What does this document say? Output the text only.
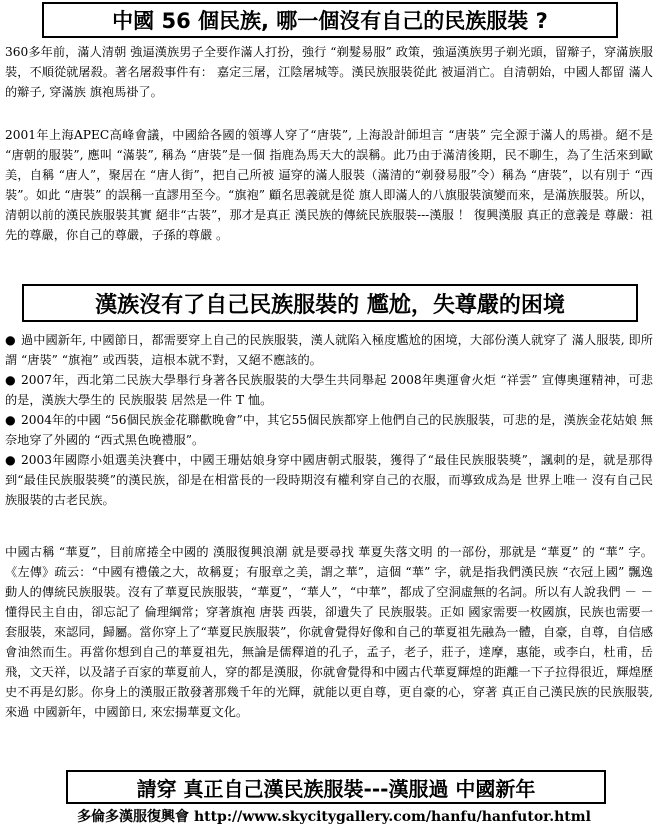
中國 56 個民族, 哪一個沒有自己的民族服裝 ?

360多年前，滿人清朝 強逼漢族男子全要作滿人打扮，強行 “剃髮易服” 政策，強逼漢族男子剃光頭，留辮子，穿滿族服裝，不順從就屠殺。著名屠殺事件有： 嘉定三屠，江陰屠城等。漢民族服裝從此 被逼消亡。自清朝始，中國人都留 滿人的辮子, 穿滿族 旗袍馬褂了。

2001年上海APEC高峰會議，中國給各國的領導人穿了“唐裝”, 上海設計師坦言 “唐裝” 完全源于滿人的馬褂。絕不是 “唐朝的服裝”, 應叫 “滿裝”, 稱為 “唐裝”是一個 指鹿為馬天大的誤稱。此乃由于滿清後期，民不聊生，為了生活來到歐美，自稱 “唐人”，聚居在 “唐人街”，把自己所被 逼穿的滿人服裝（滿清的“剃發易服”令）稱為 “唐裝”，以有別于 “西裝”。如此 “唐裝” 的誤稱一直謬用至今。“旗袍” 顧名思義就是從 旗人即滿人的八旗服裝演變而來，是滿族服裝。所以，清朝以前的漢民族服裝其實 絕非“古裝”，那才是真正 漢民族的傳統民族服裝---漢服 ！ 復興漢服 真正的意義是 尊嚴：祖先的尊嚴，你自己的尊嚴，子孫的尊嚴 。

漢族沒有了自己民族服裝的 尷尬，失尊嚴的困境
● 過中國新年, 中國節日，都需要穿上自己的民族服裝，漢人就陷入極度尷尬的困境，大部份漢人就穿了 滿人服裝, 即所謂 “唐裝” “旗袍” 或西裝，這根本就不對，又絕不應該的。
● 2007年，西北第二民族大學舉行身著各民族服裝的大學生共同舉起 2008年奧運會火炬 “祥雲” 宣傳奧運精神，可悲的是，漢族大學生的 民族服裝 居然是一件 T 恤。
● 2004年的中國 “56個民族金花聯歡晚會”中，其它55個民族都穿上他們自己的民族服裝，可悲的是，漢族金花姑娘 無奈地穿了外國的 “西式黑色晚禮服”。
● 2003年國際小姐選美決賽中，中國王珊姑娘身穿中國唐朝式服裝，獲得了“最佳民族服裝獎”，諷刺的是，就是那得到“最佳民族服裝獎”的漢民族，卻是在相當長的一段時期沒有權利穿自己的衣服，而導致成為是 世界上唯一 沒有自己民族服裝的古老民族。

中國古稱 “華夏”，目前席捲全中國的 漢服復興浪潮 就是要尋找 華夏失落文明 的一部份，那就是 “華夏” 的 “華” 字。《左傳》疏云：“中國有禮儀之大，故稱夏；有服章之美，謂之華”，這個 “華” 字，就是指我們漢民族 “衣冠上國” 飄逸動人的傳統民族服裝。沒有了華夏民族服裝，“華夏”，“華人”，“中華”，都成了空洞虛無的名詞。所以有人說我們 － － 懂得民主自由，卻忘記了 倫理綱常；穿著旗袍 唐裝 西裝，卻遺失了 民族服裝。正如 國家需要一枚國旗，民族也需要一套服裝，來認同，歸屬。當你穿上了“華夏民族服裝”，你就會覺得好像和自己的華夏祖先融為一體，自豪，自尊，自信感會油然而生。再當你想到自己的華夏祖先，無論是儒釋道的孔子，孟子，老子，莊子，達摩，惠能，或李白，杜甫，岳飛，文天祥，以及諸子百家的華夏前人，穿的都是漢服，你就會覺得和中國古代華夏輝煌的距離一下子拉得很近，輝煌歷史不再是幻影。你身上的漢服正散發著那幾千年的光輝，就能以更自尊，更自豪的心，穿著 真正自己漢民族的民族服裝, 來過 中國新年，中國節日, 來宏揚華夏文化。

請穿 真正自己漢民族服裝---漢服過 中國新年
多倫多漢服復興會 http://www.skycitygallery.com/hanfu/hanfutor.html
